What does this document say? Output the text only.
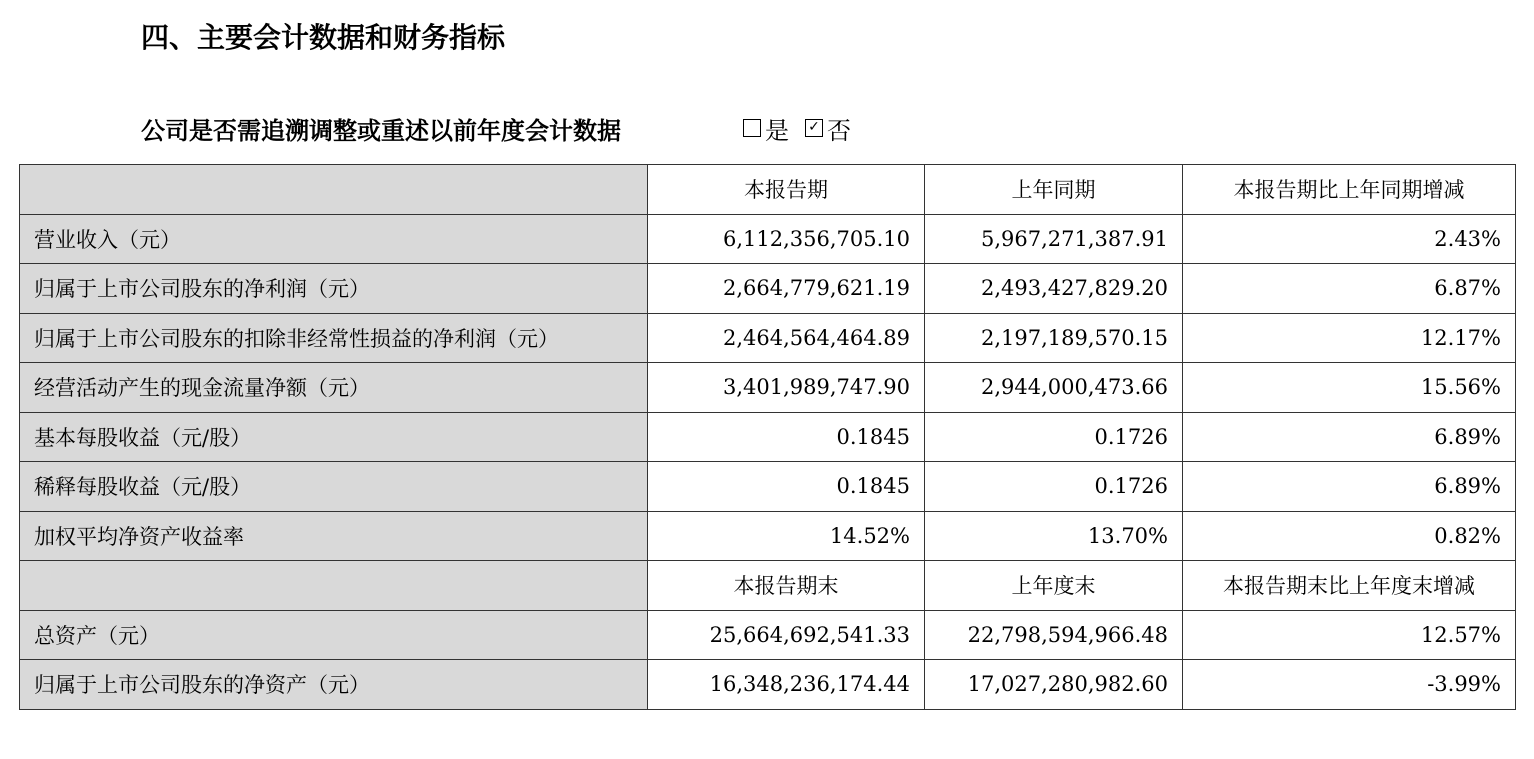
四、主要会计数据和财务指标
公司是否需追溯调整或重述以前年度会计数据	是 ✓ 否
	本报告期	上年同期	本报告期比上年同期增减
营业收入（元）	6,112,356,705.10	5,967,271,387.91	2.43%
归属于上市公司股东的净利润（元）	2,664,779,621.19	2,493,427,829.20	6.87%
归属于上市公司股东的扣除非经常性损益的净利润（元）	2,464,564,464.89	2,197,189,570.15	12.17%
经营活动产生的现金流量净额（元）	3,401,989,747.90	2,944,000,473.66	15.56%
基本每股收益（元/股）	0.1845	0.1726	6.89%
稀释每股收益（元/股）	0.1845	0.1726	6.89%
加权平均净资产收益率	14.52%	13.70%	0.82%
	本报告期末	上年度末	本报告期末比上年度末增减
总资产（元）	25,664,692,541.33	22,798,594,966.48	12.57%
归属于上市公司股东的净资产（元）	16,348,236,174.44	17,027,280,982.60	-3.99%
